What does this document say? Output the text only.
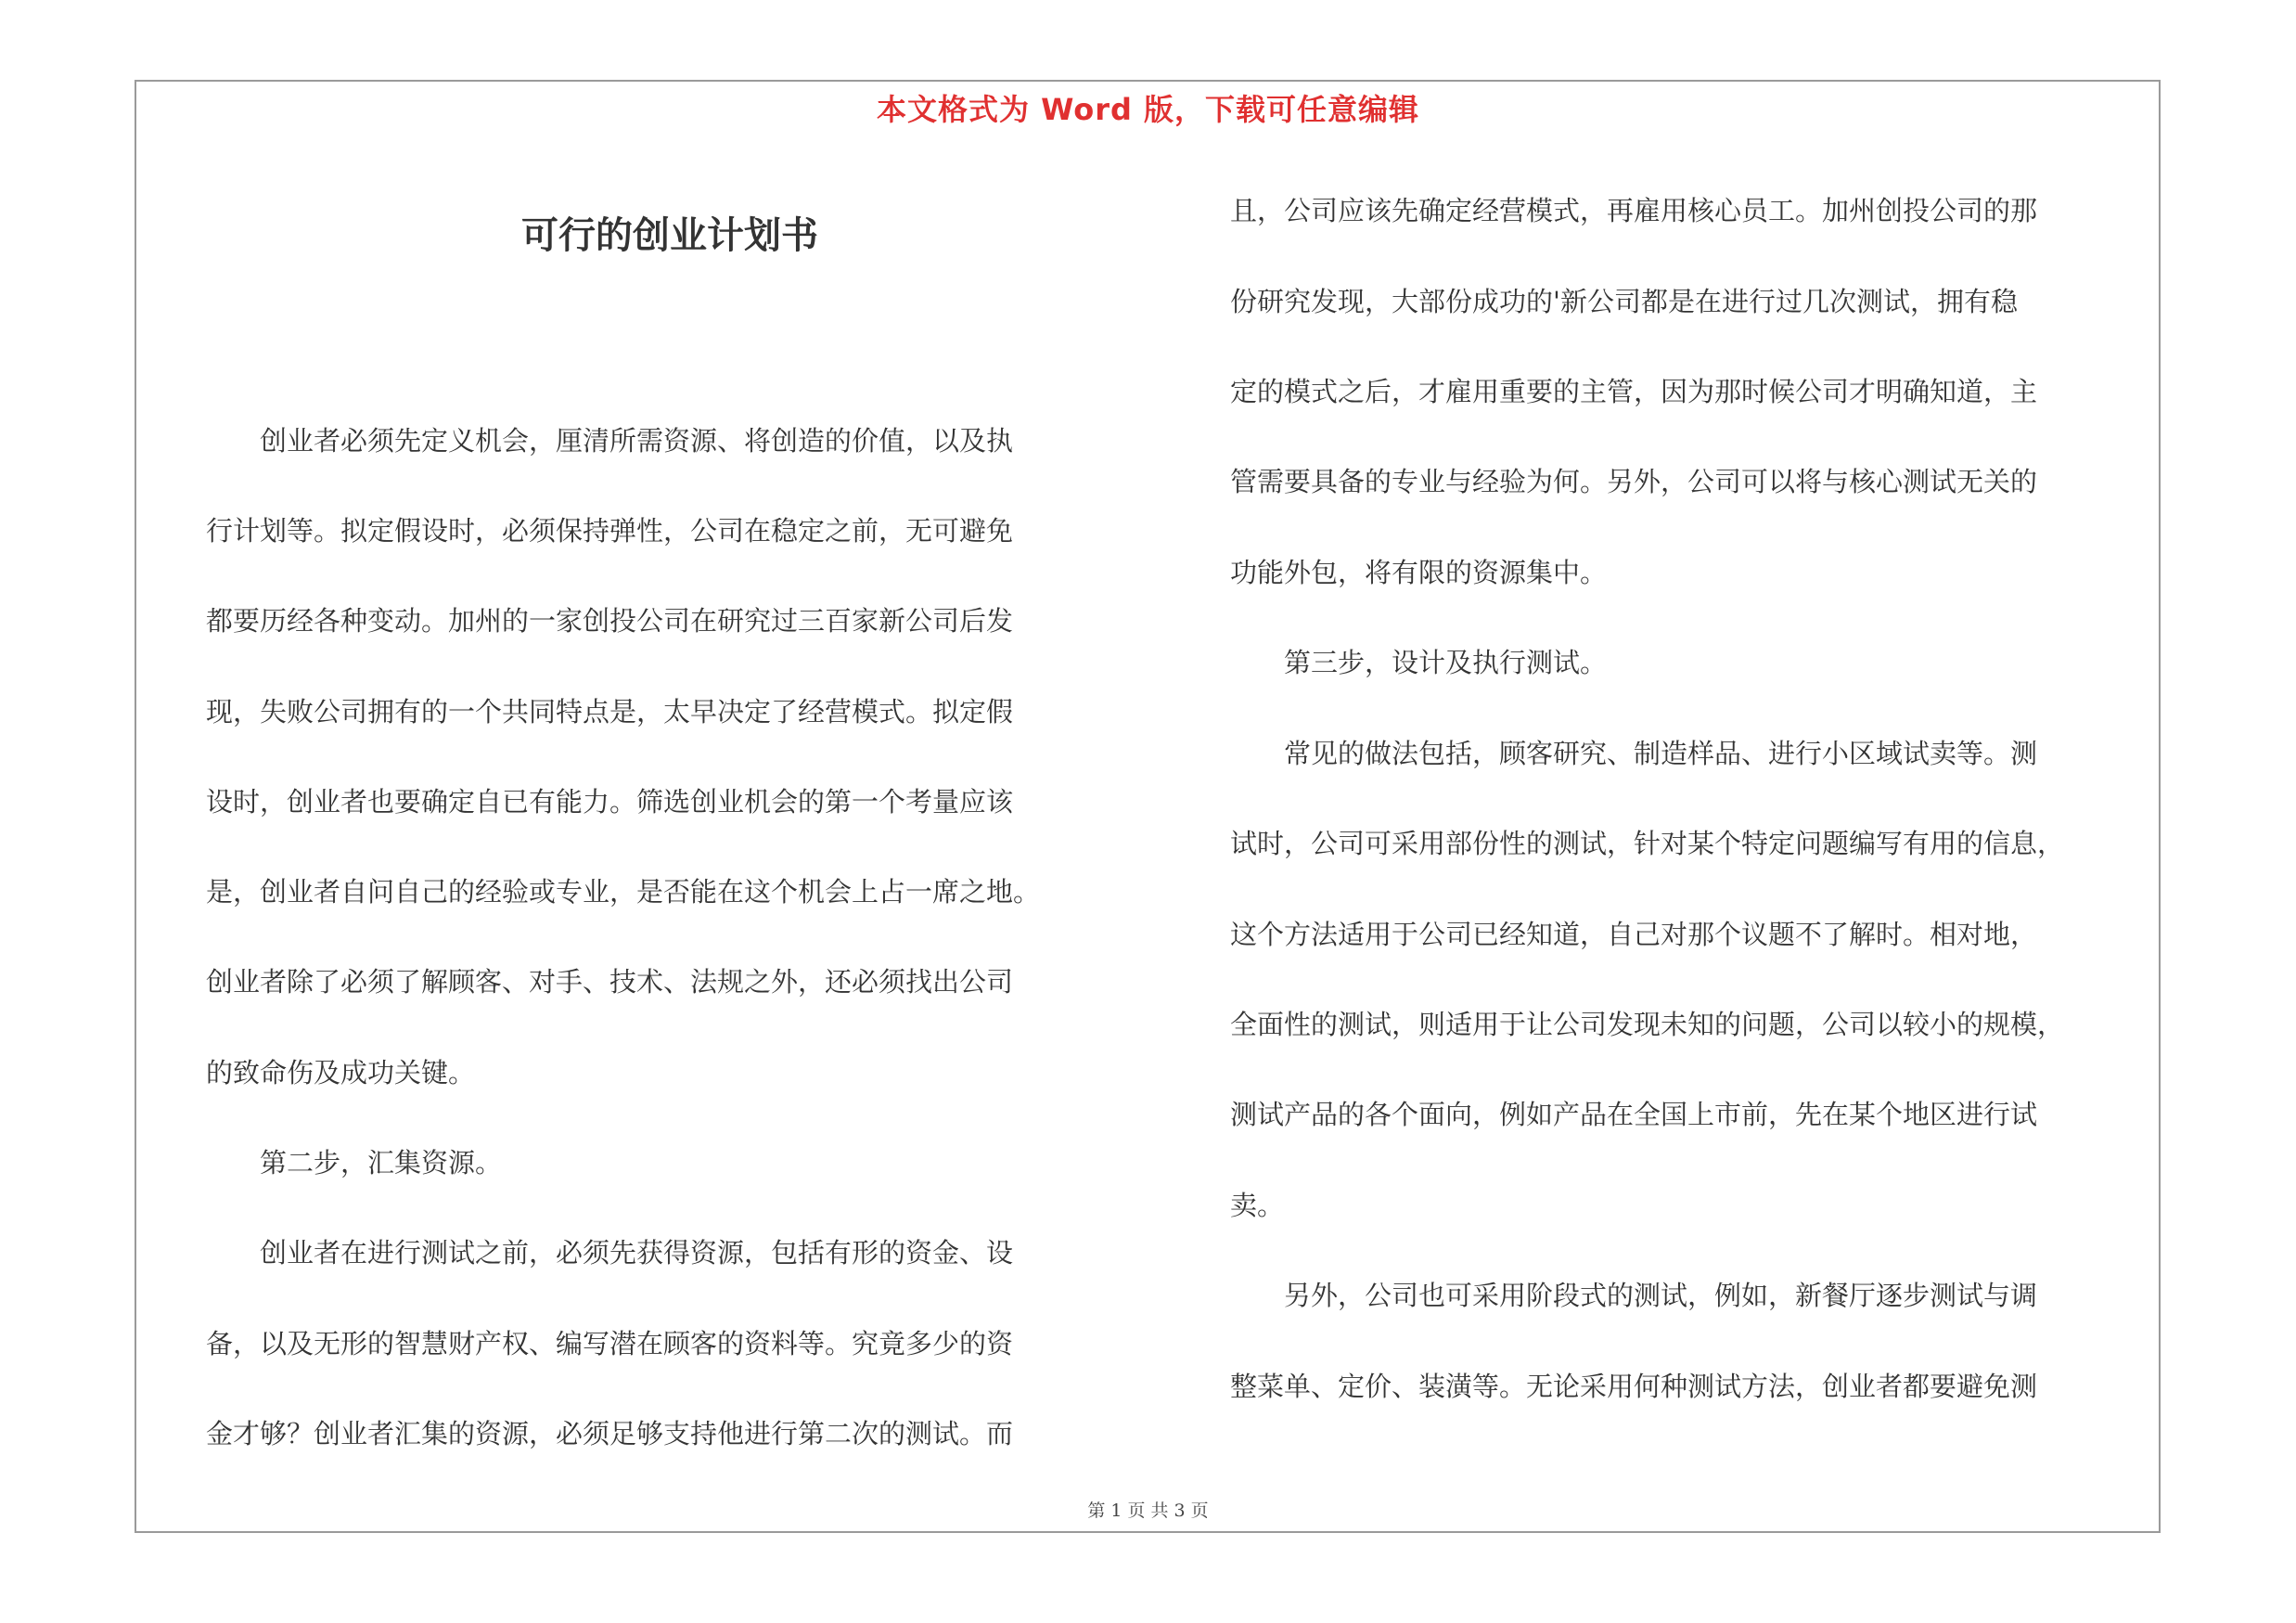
本文格式为 Word 版，下载可任意编辑
可行的创业计划书
　　创业者必须先定义机会，厘清所需资源、将创造的价值，以及执
行计划等。拟定假设时，必须保持弹性，公司在稳定之前，无可避免
都要历经各种变动。加州的一家创投公司在研究过三百家新公司后发
现，失败公司拥有的一个共同特点是，太早决定了经营模式。拟定假
设时，创业者也要确定自已有能力。筛选创业机会的第一个考量应该
是，创业者自问自己的经验或专业，是否能在这个机会上占一席之地。
创业者除了必须了解顾客、对手、技术、法规之外，还必须找出公司
的致命伤及成功关键。
　　第二步，汇集资源。
　　创业者在进行测试之前，必须先获得资源，包括有形的资金、设
备，以及无形的智慧财产权、编写潜在顾客的资料等。究竟多少的资
金才够？创业者汇集的资源，必须足够支持他进行第二次的测试。而
且，公司应该先确定经营模式，再雇用核心员工。加州创投公司的那
份研究发现，大部份成功的'新公司都是在进行过几次测试，拥有稳
定的模式之后，才雇用重要的主管，因为那时候公司才明确知道，主
管需要具备的专业与经验为何。另外，公司可以将与核心测试无关的
功能外包，将有限的资源集中。
　　第三步，设计及执行测试。
　　常见的做法包括，顾客研究、制造样品、进行小区域试卖等。测
试时，公司可采用部份性的测试，针对某个特定问题编写有用的信息，
这个方法适用于公司已经知道，自己对那个议题不了解时。相对地，
全面性的测试，则适用于让公司发现未知的问题，公司以较小的规模，
测试产品的各个面向，例如产品在全国上市前，先在某个地区进行试
卖。
　　另外，公司也可采用阶段式的测试，例如，新餐厅逐步测试与调
整菜单、定价、装潢等。无论采用何种测试方法，创业者都要避免测
第 1 页 共 3 页
